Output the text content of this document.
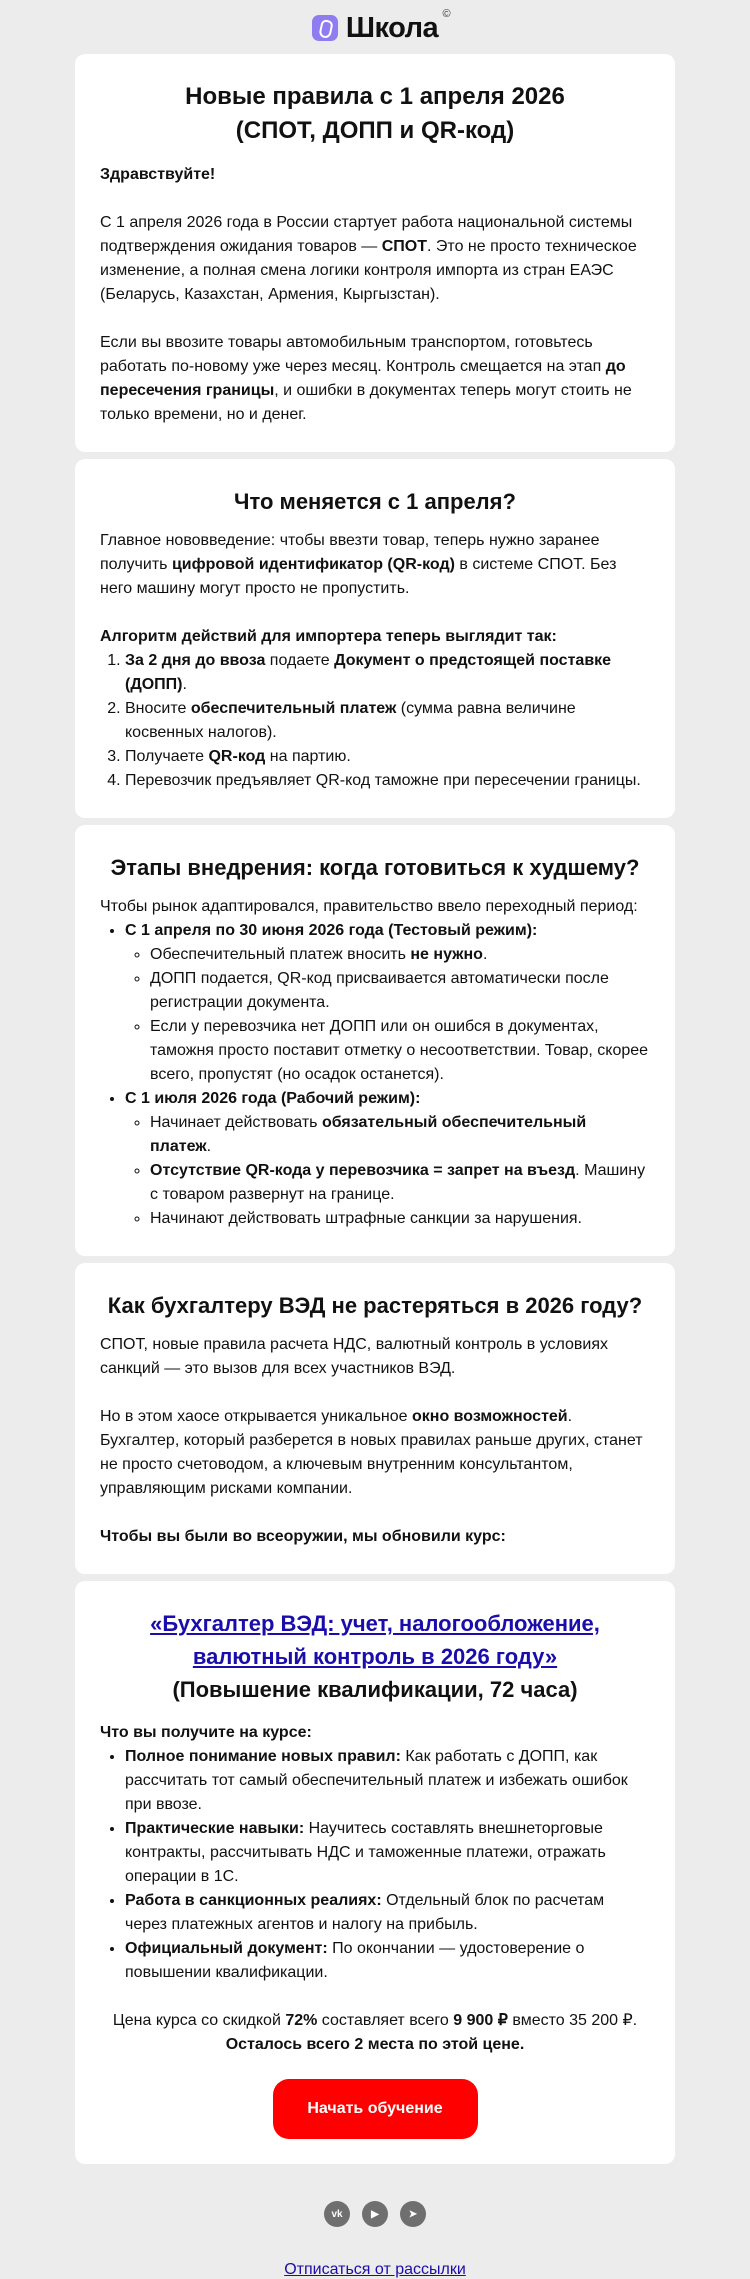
Школа ©
Новые правила с 1 апреля 2026
(СПОТ, ДОПП и QR-код)

Здравствуйте!

С 1 апреля 2026 года в России стартует работа национальной системы подтверждения ожидания товаров — СПОТ. Это не просто техническое изменение, а полная смена логики контроля импорта из стран ЕАЭС (Беларусь, Казахстан, Армения, Кыргызстан).

Если вы ввозите товары автомобильным транспортом, готовьтесь работать по-новому уже через месяц. Контроль смещается на этап до пересечения границы, и ошибки в документах теперь могут стоить не только времени, но и денег.

Что меняется с 1 апреля?

Главное нововведение: чтобы ввезти товар, теперь нужно заранее получить цифровой идентификатор (QR-код) в системе СПОТ. Без него машину могут просто не пропустить.

Алгоритм действий для импортера теперь выглядит так:

1. За 2 дня до ввоза подаете Документ о предстоящей поставке (ДОПП).
2. Вносите обеспечительный платеж (сумма равна величине косвенных налогов).
3. Получаете QR-код на партию.
4. Перевозчик предъявляет QR-код таможне при пересечении границы.
Этапы внедрения: когда готовиться к худшему?

Чтобы рынок адаптировался, правительство ввело переходный период:

• С 1 апреля по 30 июня 2026 года (Тестовый режим):
◦ Обеспечительный платеж вносить не нужно.
◦ ДОПП подается, QR-код присваивается автоматически после регистрации документа.
◦ Если у перевозчика нет ДОПП или он ошибся в документах, таможня просто поставит отметку о несоответствии. Товар, скорее всего, пропустят (но осадок останется).
• С 1 июля 2026 года (Рабочий режим):
◦ Начинает действовать обязательный обеспечительный платеж.
◦ Отсутствие QR-кода у перевозчика = запрет на въезд. Машину с товаром развернут на границе.
◦ Начинают действовать штрафные санкции за нарушения.
Как бухгалтеру ВЭД не растеряться в 2026 году?

СПОТ, новые правила расчета НДС, валютный контроль в условиях санкций — это вызов для всех участников ВЭД.

Но в этом хаосе открывается уникальное окно возможностей. Бухгалтер, который разберется в новых правилах раньше других, станет не просто счетоводом, а ключевым внутренним консультантом, управляющим рисками компании.

Чтобы вы были во всеоружии, мы обновили курс:

«Бухгалтер ВЭД: учет, налогообложение, валютный контроль в 2026 году»
(Повышение квалификации, 72 часа)

Что вы получите на курсе:

• Полное понимание новых правил: Как работать с ДОПП, как рассчитать тот самый обеспечительный платеж и избежать ошибок при ввозе.
• Практические навыки: Научитесь составлять внешнеторговые контракты, рассчитывать НДС и таможенные платежи, отражать операции в 1С.
• Работа в санкционных реалиях: Отдельный блок по расчетам через платежных агентов и налогу на прибыль.
• Официальный документ: По окончании — удостоверение о повышении квалификации.
Цена курса со скидкой 72% составляет всего 9 900 ₽ вместо 35 200 ₽.
Осталось всего 2 места по этой цене.
Начать обучение
vk	▶	➤
Отписаться от рассылки
